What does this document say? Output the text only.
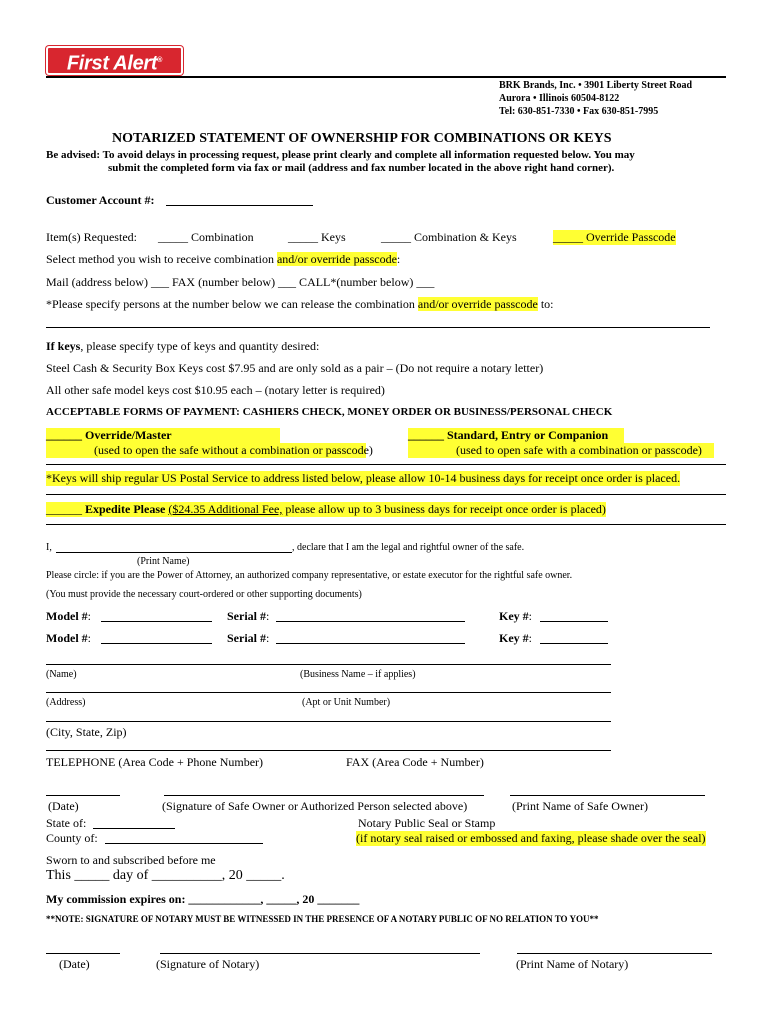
First Alert®
BRK Brands, Inc. • 3901 Liberty Street Road
Aurora • Illinois 60504-8122
Tel: 630-851-7330 • Fax 630-851-7995
NOTARIZED STATEMENT OF OWNERSHIP FOR COMBINATIONS OR KEYS
Be advised: To avoid delays in processing request, please print clearly and complete all information requested below. You may
submit the completed form via fax or mail (address and fax number located in the above right hand corner).
Customer Account #:
Item(s) Requested: _____ Combination	_____ Keys	_____ Combination & Keys	_____ Override Passcode
Select method you wish to receive combination and/or override passcode:
Mail (address below) ___ FAX (number below) ___ CALL*(number below) ___
*Please specify persons at the number below we can release the combination and/or override passcode to:
If keys, please specify type of keys and quantity desired:
Steel Cash & Security Box Keys cost $7.95 and are only sold as a pair – (Do not require a notary letter)
All other safe model keys cost $10.95 each – (notary letter is required)
ACCEPTABLE FORMS OF PAYMENT: CASHIERS CHECK, MONEY ORDER OR BUSINESS/PERSONAL CHECK
______ Override/Master
(used to open the safe without a combination or passcode)
______ Standard, Entry or Companion
(used to open safe with a combination or passcode)
*Keys will ship regular US Postal Service to address listed below, please allow 10-14 business days for receipt once order is placed.
______ Expedite Please ($24.35 Additional Fee, please allow up to 3 business days for receipt once order is placed)
I,	, declare that I am the legal and rightful owner of the safe.
(Print Name)
Please circle: if you are the Power of Attorney, an authorized company representative, or estate executor for the rightful safe owner.
(You must provide the necessary court-ordered or other supporting documents)
Model #:	Serial #:	Key #:
Model #:	Serial #:	Key #:
(Name)	(Business Name – if applies)
(Address)	(Apt or Unit Number)
(City, State, Zip)
TELEPHONE (Area Code + Phone Number)	FAX (Area Code + Number)
(Date)	(Signature of Safe Owner or Authorized Person selected above)	(Print Name of Safe Owner)
State of:
County of:
Notary Public Seal or Stamp
(if notary seal raised or embossed and faxing, please shade over the seal)
Sworn to and subscribed before me
This _____ day of __________, 20 _____.
My commission expires on: ____________, _____, 20 _______
**NOTE: SIGNATURE OF NOTARY MUST BE WITNESSED IN THE PRESENCE OF A NOTARY PUBLIC OF NO RELATION TO YOU**
(Date)	(Signature of Notary)	(Print Name of Notary)
